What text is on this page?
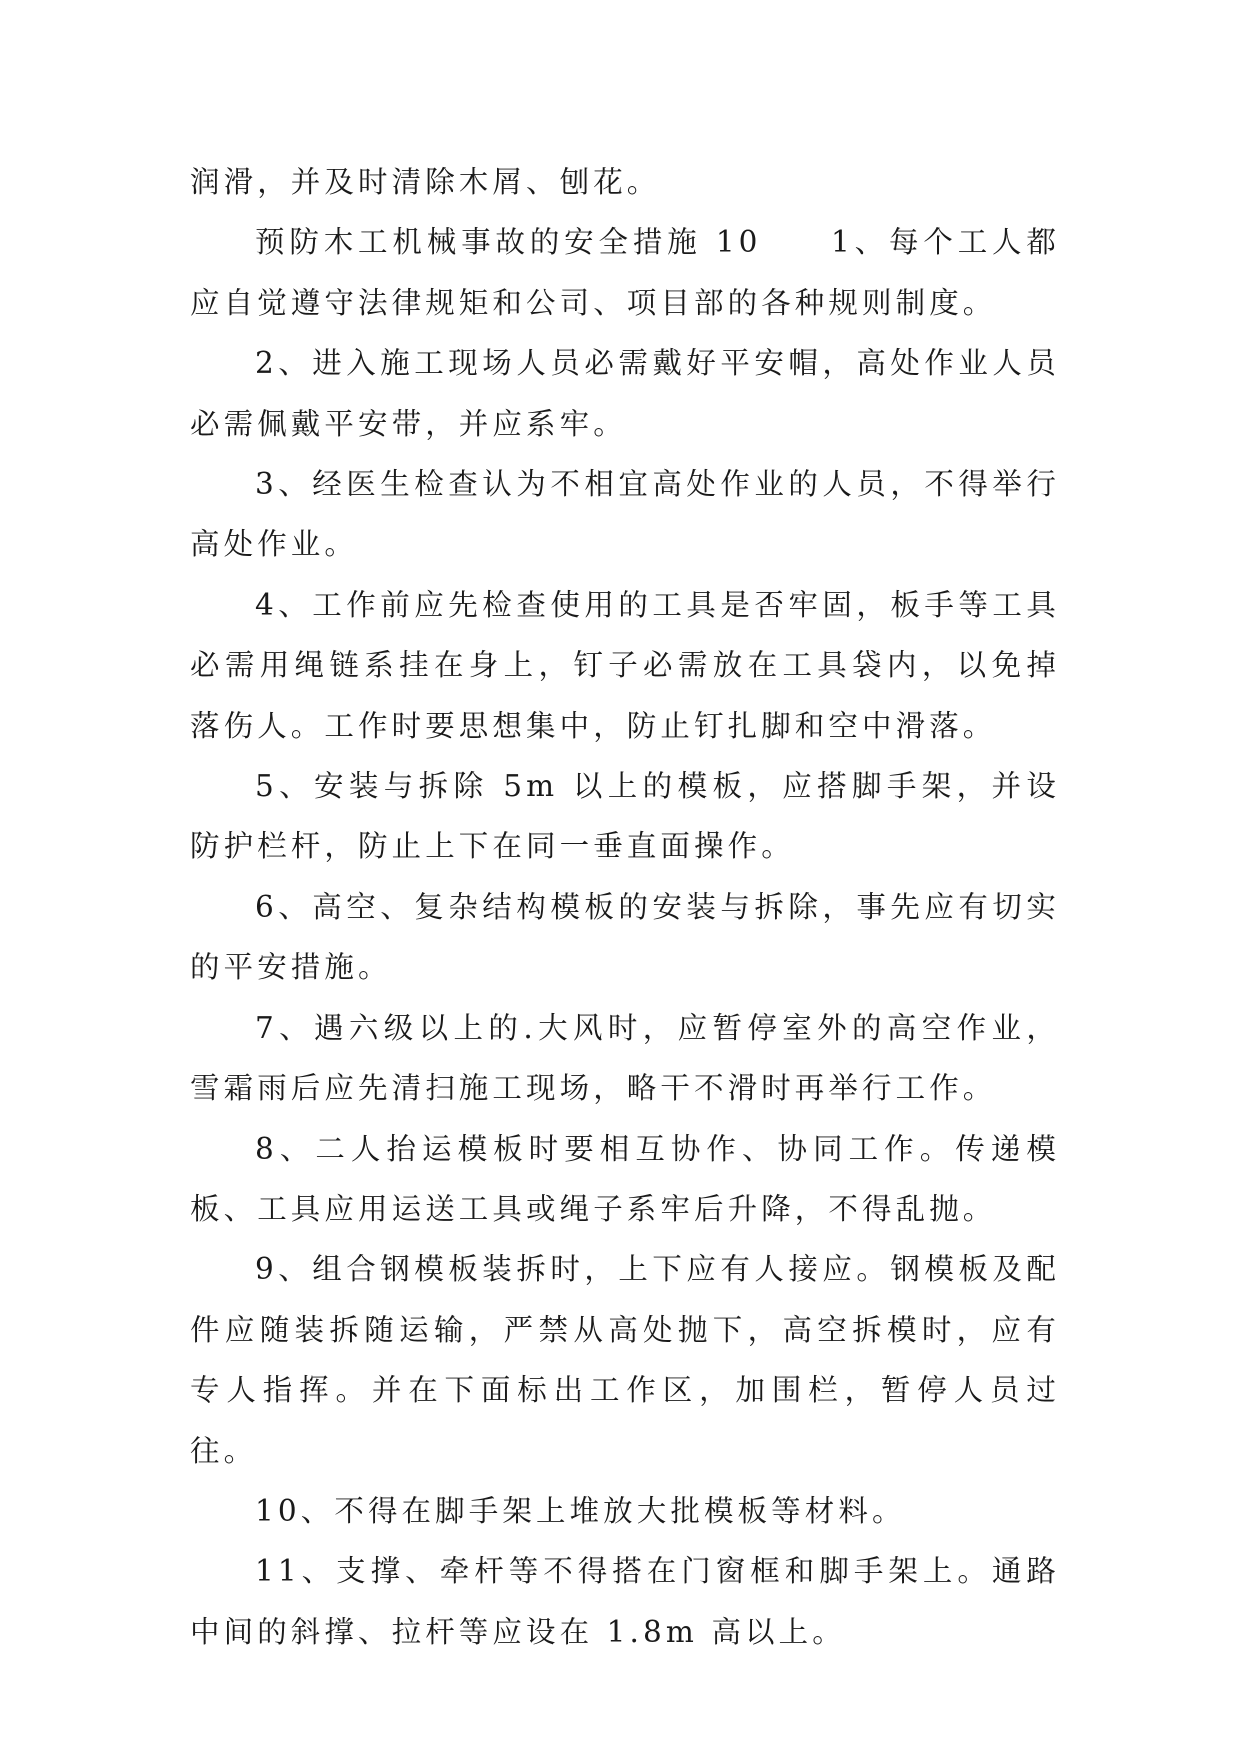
润滑，并及时清除木屑、刨花。

预防木工机械事故的安全措施 10　　1、每个工人都应自觉遵守法律规矩和公司、项目部的各种规则制度。

2、进入施工现场人员必需戴好平安帽，高处作业人员必需佩戴平安带，并应系牢。

3、经医生检查认为不相宜高处作业的人员，不得举行高处作业。

4、工作前应先检查使用的工具是否牢固，板手等工具必需用绳链系挂在身上，钉子必需放在工具袋内，以免掉落伤人。工作时要思想集中，防止钉扎脚和空中滑落。

5、安装与拆除 5m 以上的模板，应搭脚手架，并设防护栏杆，防止上下在同一垂直面操作。

6、高空、复杂结构模板的安装与拆除，事先应有切实的平安措施。

7、遇六级以上的.大风时，应暂停室外的高空作业，雪霜雨后应先清扫施工现场，略干不滑时再举行工作。

8、二人抬运模板时要相互协作、协同工作。传递模板、工具应用运送工具或绳子系牢后升降，不得乱抛。

9、组合钢模板装拆时，上下应有人接应。钢模板及配件应随装拆随运输，严禁从高处抛下，高空拆模时，应有专人指挥。并在下面标出工作区，加围栏，暂停人员过往。

10、不得在脚手架上堆放大批模板等材料。

11、支撑、牵杆等不得搭在门窗框和脚手架上。通路中间的斜撑、拉杆等应设在 1.8m 高以上。
